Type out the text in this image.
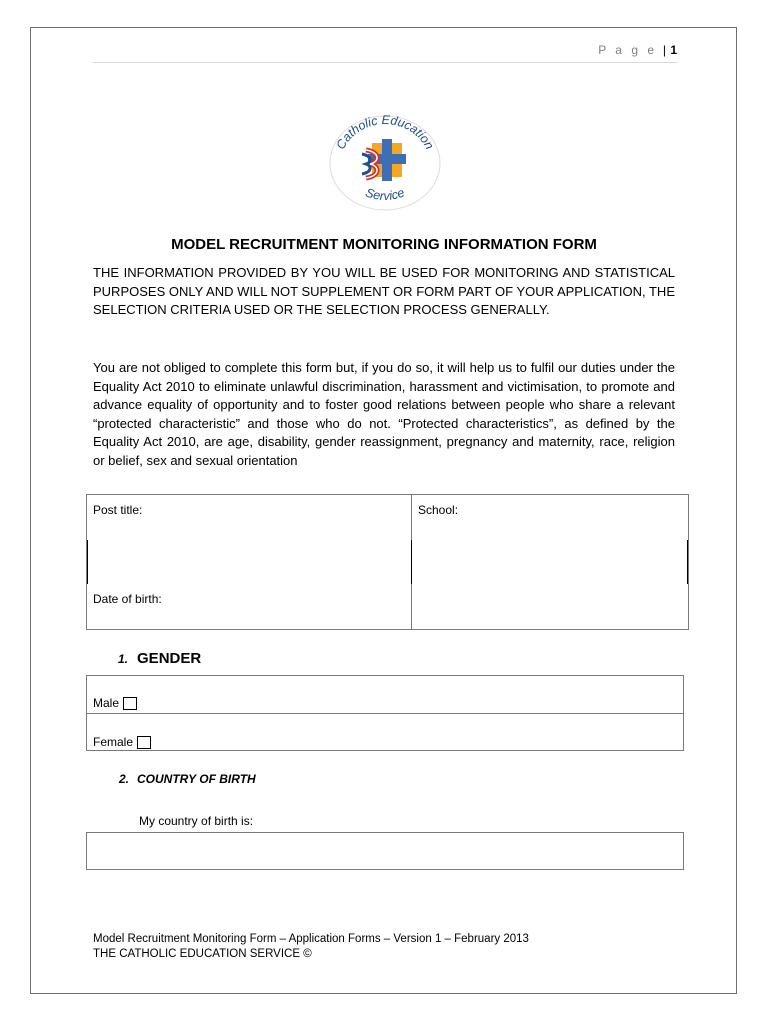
P a g e | 1
Catholic Education
Service
MODEL RECRUITMENT MONITORING INFORMATION FORM

THE INFORMATION PROVIDED BY YOU WILL BE USED FOR MONITORING AND STATISTICAL PURPOSES ONLY AND WILL NOT SUPPLEMENT OR FORM PART OF YOUR APPLICATION, THE SELECTION CRITERIA USED OR THE SELECTION PROCESS GENERALLY.

You are not obliged to complete this form but, if you do so, it will help us to fulfil our duties under the Equality Act 2010 to eliminate unlawful discrimination, harassment and victimisation, to promote and advance equality of opportunity and to foster good relations between people who share a relevant “protected characteristic” and those who do not. “Protected characteristics”, as defined by the Equality Act 2010, are age, disability, gender reassignment, pregnancy and maternity, race, religion or belief, sex and sexual orientation

Post title:	School:
Date of birth:
1. GENDER
Male
Female
2. COUNTRY OF BIRTH
My country of birth is:
Model Recruitment Monitoring Form – Application Forms – Version 1 – February 2013
THE CATHOLIC EDUCATION SERVICE ©
